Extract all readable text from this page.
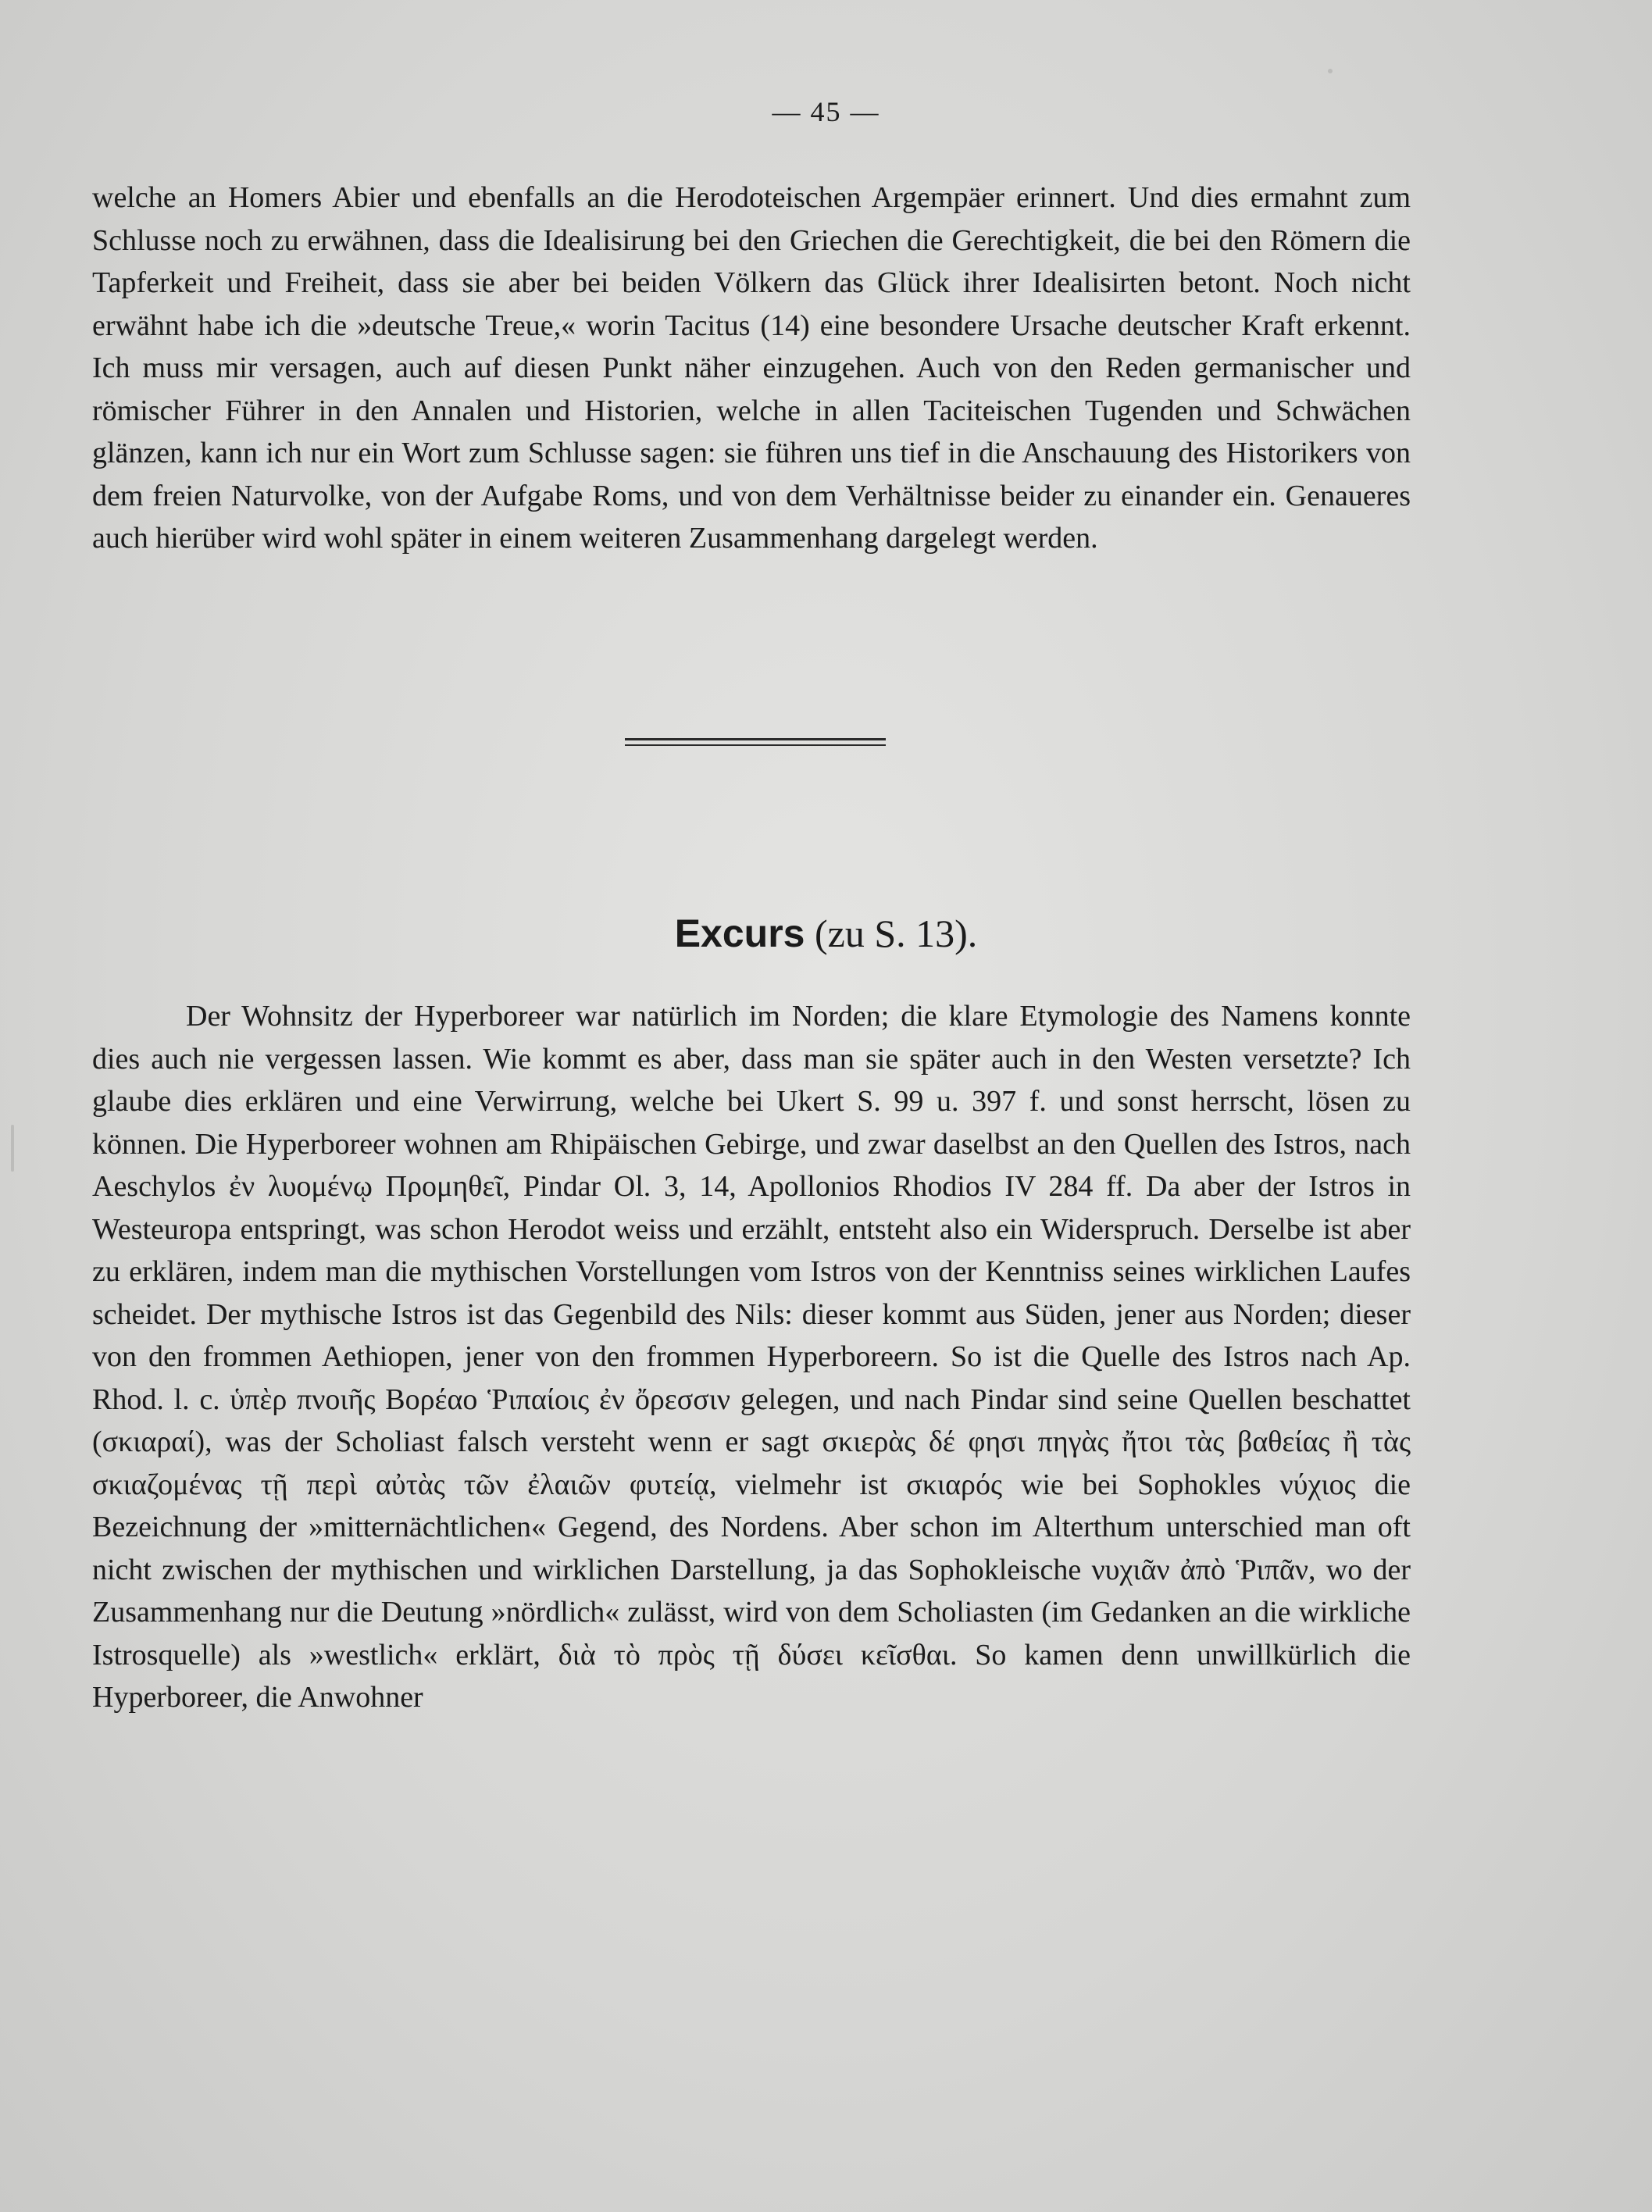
— 45 —

welche an Homers Abier und ebenfalls an die Herodoteischen Argempäer erinnert. Und dies ermahnt zum Schlusse noch zu erwähnen, dass die Idealisirung bei den Griechen die Gerechtigkeit, die bei den Römern die Tapferkeit und Freiheit, dass sie aber bei beiden Völkern das Glück ihrer Idealisirten betont. Noch nicht erwähnt habe ich die »deutsche Treue,« worin Tacitus (14) eine besondere Ursache deutscher Kraft erkennt. Ich muss mir versagen, auch auf diesen Punkt näher einzugehen. Auch von den Reden germanischer und römischer Führer in den Annalen und Historien, welche in allen Taciteischen Tugenden und Schwächen glänzen, kann ich nur ein Wort zum Schlusse sagen: sie führen uns tief in die Anschauung des Historikers von dem freien Naturvolke, von der Aufgabe Roms, und von dem Verhältnisse beider zu einander ein. Genaueres auch hierüber wird wohl später in einem weiteren Zusammenhang dargelegt werden.

Excurs (zu S. 13).

Der Wohnsitz der Hyperboreer war natürlich im Norden; die klare Etymologie des Namens konnte dies auch nie vergessen lassen. Wie kommt es aber, dass man sie später auch in den Westen versetzte? Ich glaube dies erklären und eine Verwirrung, welche bei Ukert S. 99 u. 397 f. und sonst herrscht, lösen zu können. Die Hyperboreer wohnen am Rhipäischen Gebirge, und zwar daselbst an den Quellen des Istros, nach Aeschylos ἐν λυομένῳ Προμηθεῖ, Pindar Ol. 3, 14, Apollonios Rhodios IV 284 ff. Da aber der Istros in Westeuropa entspringt, was schon Herodot weiss und erzählt, entsteht also ein Widerspruch. Derselbe ist aber zu erklären, indem man die mythischen Vorstellungen vom Istros von der Kenntniss seines wirklichen Laufes scheidet. Der mythische Istros ist das Gegenbild des Nils: dieser kommt aus Süden, jener aus Norden; dieser von den frommen Aethiopen, jener von den frommen Hyperboreern. So ist die Quelle des Istros nach Ap. Rhod. l. c. ὑπὲρ πνοιῆς Βορέαο Ῥιπαίοις ἐν ὄρεσσιν gelegen, und nach Pindar sind seine Quellen beschattet (σκιαραί), was der Scholiast falsch versteht wenn er sagt σκιερὰς δέ φησι πηγὰς ἤτοι τὰς βαθείας ἢ τὰς σκιαζομένας τῇ περὶ αὐτὰς τῶν ἐλαιῶν φυτείᾳ, vielmehr ist σκιαρός wie bei Sophokles νύχιος die Bezeichnung der »mitternächtlichen« Gegend, des Nordens. Aber schon im Alterthum unterschied man oft nicht zwischen der mythischen und wirklichen Darstellung, ja das Sophokleische νυχιᾶν ἀπὸ Ῥιπᾶν, wo der Zusammenhang nur die Deutung »nördlich« zulässt, wird von dem Scholiasten (im Gedanken an die wirkliche Istrosquelle) als »westlich« erklärt, διὰ τὸ πρὸς τῇ δύσει κεῖσθαι. So kamen denn unwillkürlich die Hyperboreer, die Anwohner
